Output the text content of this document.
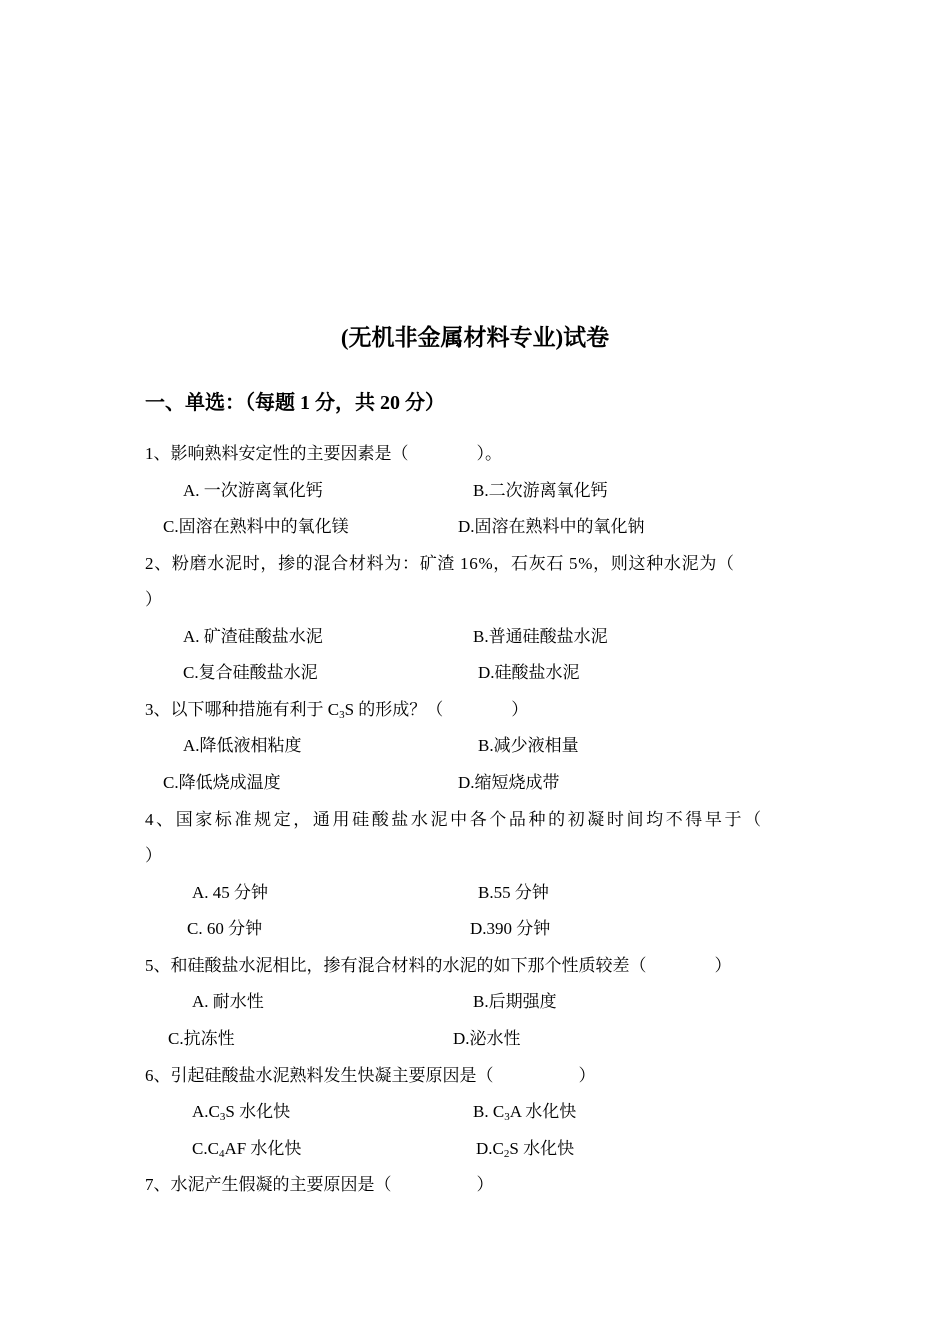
(无机非金属材料专业)试卷
一、单选：（每题 1 分，共 20 分）
1、影响熟料安定性的主要因素是（　　　　）。
A. 一次游离氧化钙	B.二次游离氧化钙
C.固溶在熟料中的氧化镁	D.固溶在熟料中的氧化钠
2、粉磨水泥时，掺的混合材料为：矿渣 16%，石灰石 5%，则这种水泥为（
）
A. 矿渣硅酸盐水泥	B.普通硅酸盐水泥
C.复合硅酸盐水泥	D.硅酸盐水泥
3、以下哪种措施有利于 $C_3S$ 的形成？（　　　　）
A.降低液相粘度	B.减少液相量
C.降低烧成温度	D.缩短烧成带
4、国家标准规定，通用硅酸盐水泥中各个品种的初凝时间均不得早于（
）
A. 45 分钟	B.55 分钟
C. 60 分钟	D.390 分钟
5、和硅酸盐水泥相比，掺有混合材料的水泥的如下那个性质较差（　　　　）
A. 耐水性	B.后期强度
C.抗冻性	D.泌水性
6、引起硅酸盐水泥熟料发生快凝主要原因是（　　　　　）
$A.C_3S$ 水化快	B. $C_3A$ 水化快
$C.C_4AF$ 水化快	$D.C_2S$ 水化快
7、水泥产生假凝的主要原因是（　　　　　）
